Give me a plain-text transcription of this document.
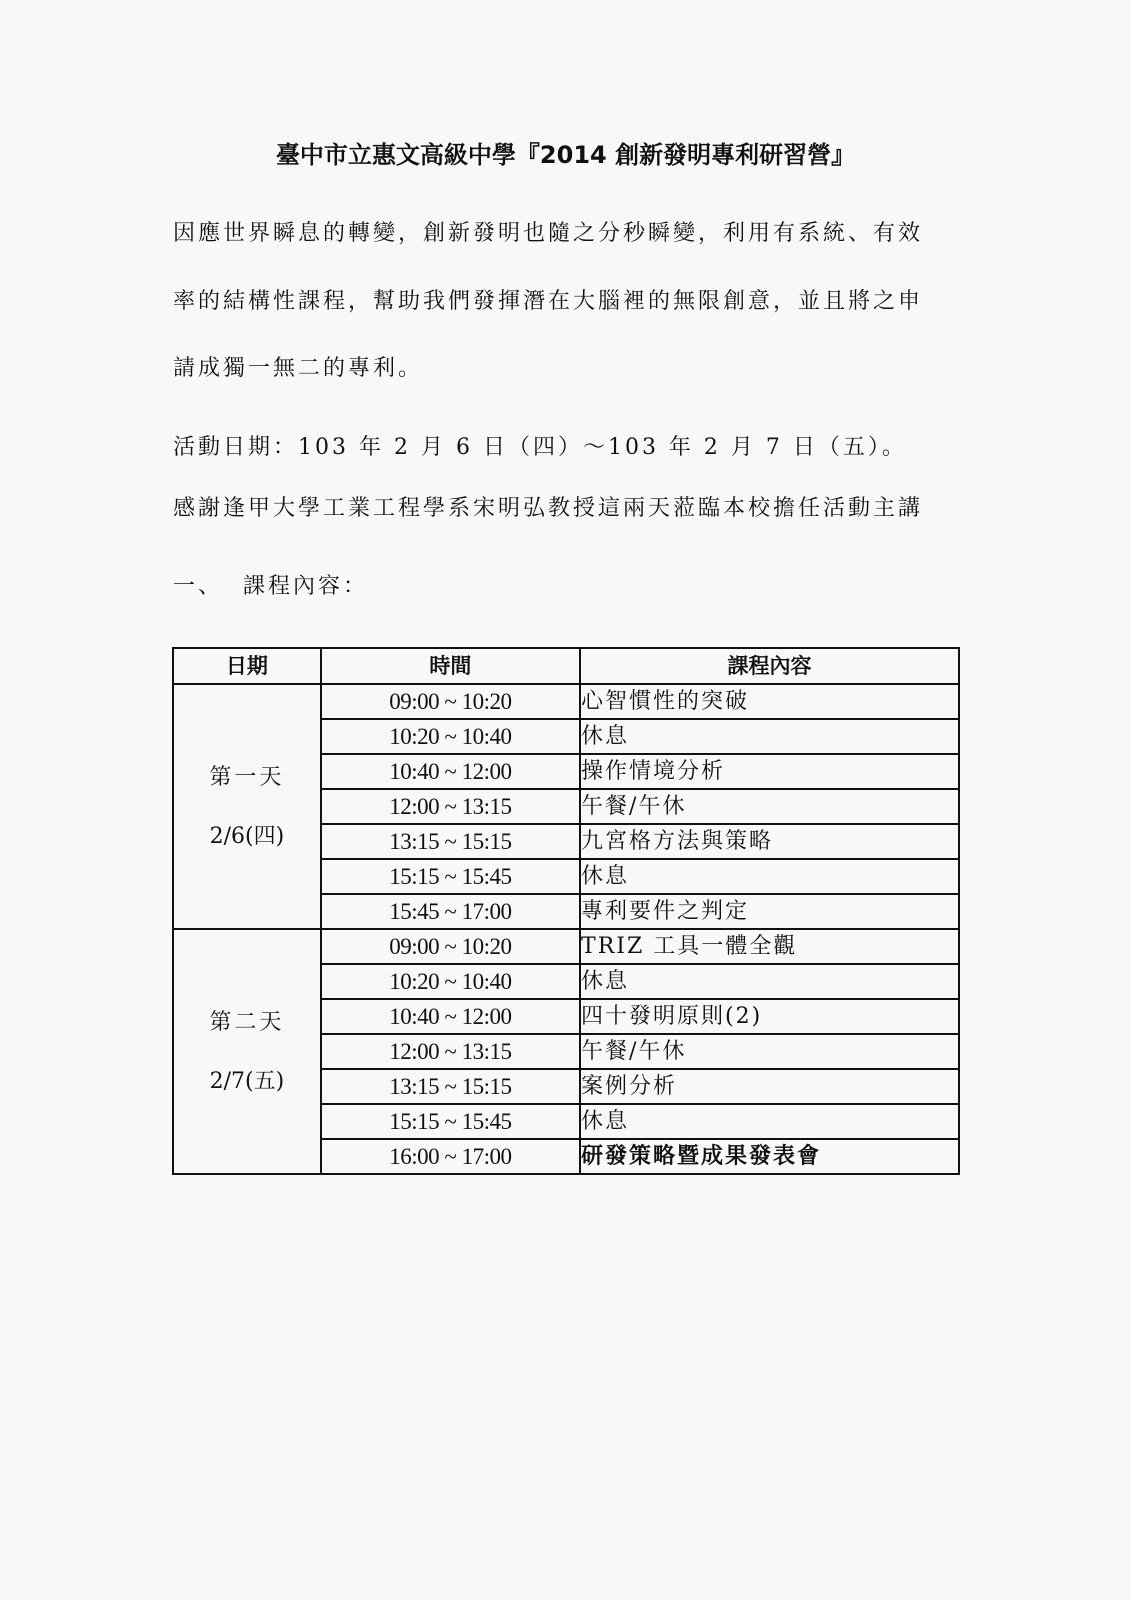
臺中市立惠文高級中學『2014 創新發明專利研習營』
因應世界瞬息的轉變，創新發明也隨之分秒瞬變，利用有系統、有效
率的結構性課程，幫助我們發揮潛在大腦裡的無限創意，並且將之申
請成獨一無二的專利。
活動日期：103 年 2 月 6 日（四）～103 年 2 月 7 日（五）。
感謝逢甲大學工業工程學系宋明弘教授這兩天蒞臨本校擔任活動主講
一、 課程內容：
日期	時間	課程內容

第一天
2/6(四)	09:00 ~ 10:20	心智慣性的突破
	10:20 ~ 10:40	休息
	10:40 ~ 12:00	操作情境分析
	12:00 ~ 13:15	午餐/午休
	13:15 ~ 15:15	九宮格方法與策略
	15:15 ~ 15:45	休息
	15:45 ~ 17:00	專利要件之判定

第二天
2/7(五)	09:00 ~ 10:20	TRIZ 工具一體全觀
	10:20 ~ 10:40	休息
	10:40 ~ 12:00	四十發明原則(2)
	12:00 ~ 13:15	午餐/午休
	13:15 ~ 15:15	案例分析
	15:15 ~ 15:45	休息
	16:00 ~ 17:00	研發策略暨成果發表會
